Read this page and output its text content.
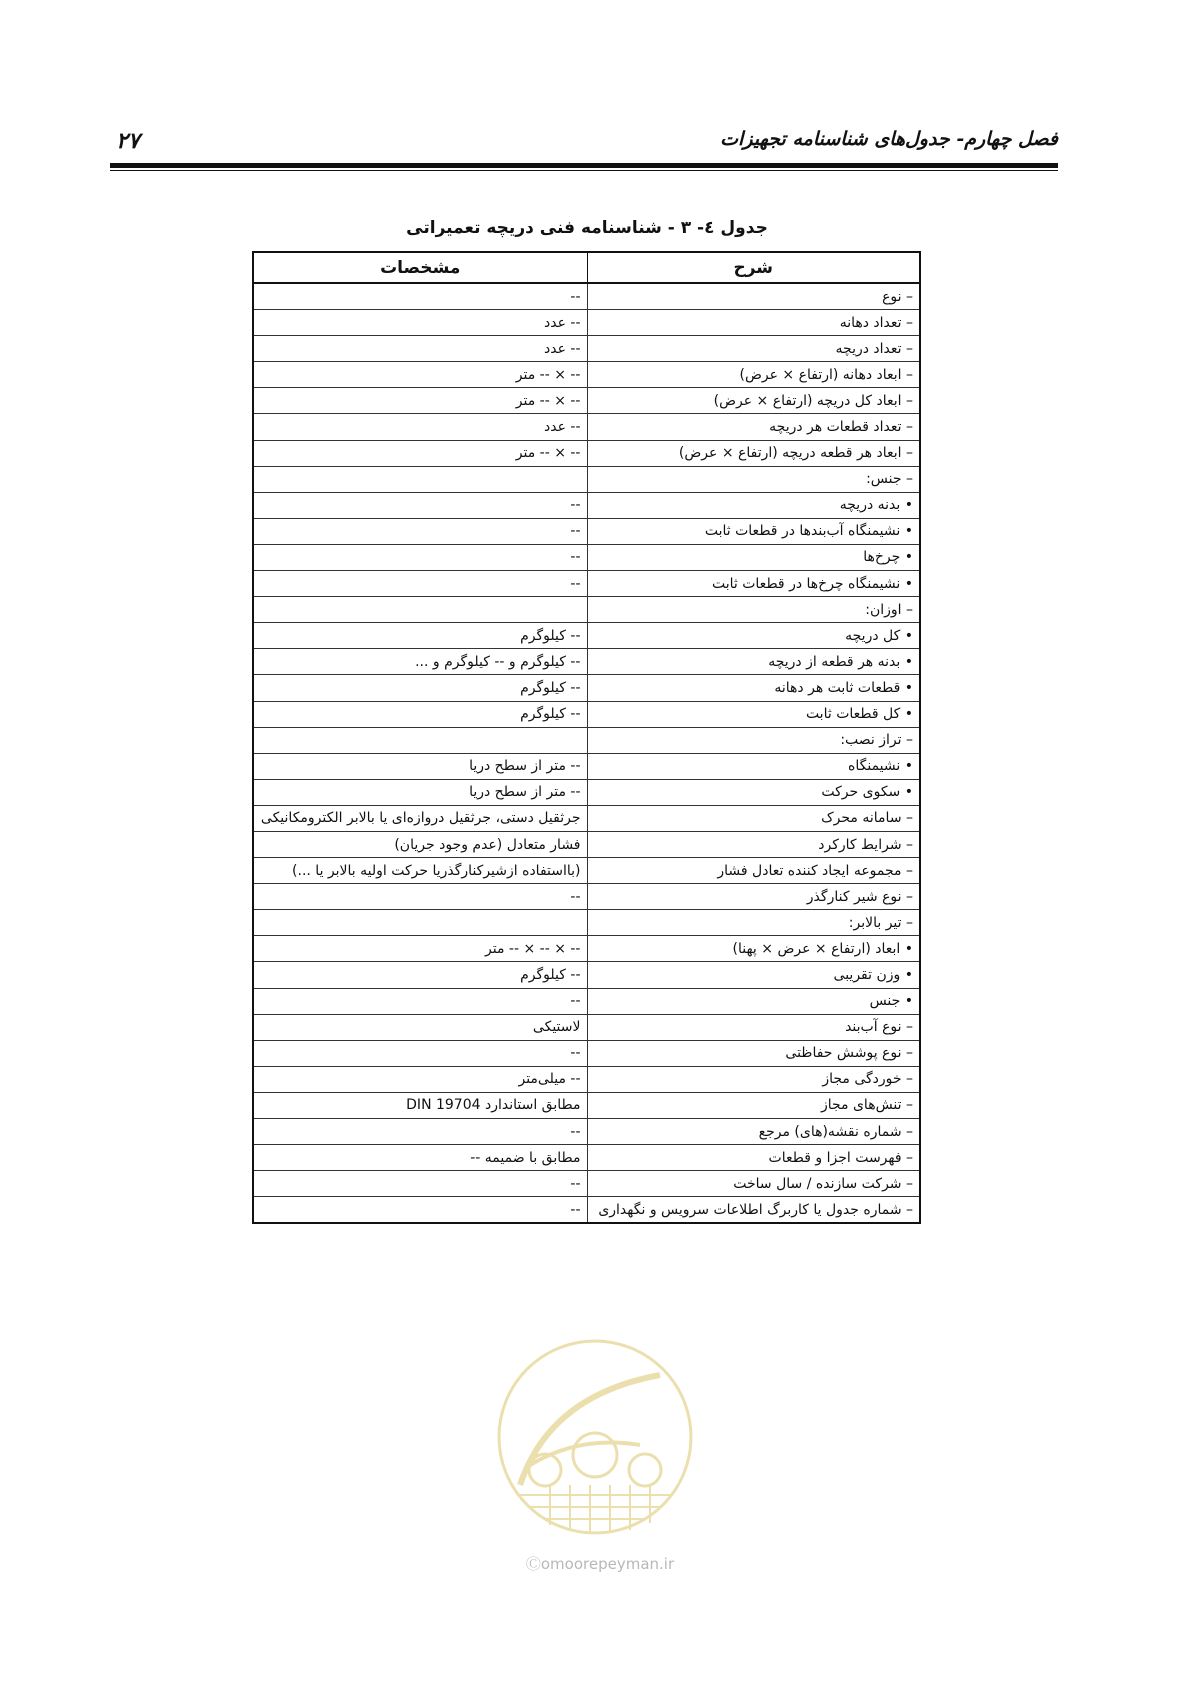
۲۷	فصل چهارم- جدول‌های شناسنامه تجهیزات
جدول ٤- ٣ - شناسنامه فنی دریچه تعمیراتی
شرح	مشخصات
– نوع	--
– تعداد دهانه	-- عدد
– تعداد دریچه	-- عدد
– ابعاد دهانه (ارتفاع × عرض)	-- × -- متر
– ابعاد کل دریچه (ارتفاع × عرض)	-- × -- متر
– تعداد قطعات هر دریچه	-- عدد
– ابعاد هر قطعه دریچه (ارتفاع × عرض)	-- × -- متر
– جنس:	
• بدنه دریچه	--
• نشیمنگاه آب‌بندها در قطعات ثابت	--
• چرخ‌ها	--
• نشیمنگاه چرخ‌ها در قطعات ثابت	--
– اوزان:	
• کل دریچه	-- کیلوگرم
• بدنه هر قطعه از دریچه	-- کیلوگرم و -- کیلوگرم و ...
• قطعات ثابت هر دهانه	-- کیلوگرم
• کل قطعات ثابت	-- کیلوگرم
– تراز نصب:	
• نشیمنگاه	-- متر از سطح دریا
• سکوی حرکت	-- متر از سطح دریا
– سامانه محرک	جرثقیل دستی، جرثقیل دروازه‌ای یا بالابر الکترومکانیکی
– شرایط کارکرد	فشار متعادل (عدم وجود جریان)
– مجموعه ایجاد کننده تعادل فشار	(بااستفاده ازشیرکنارگذریا حرکت اولیه بالابر یا ...)
– نوع شیر کنارگذر	--
– تیر بالابر:	
• ابعاد (ارتفاع × عرض × پهنا)	-- × -- × -- متر
• وزن تقریبی	-- کیلوگرم
• جنس	--
– نوع آب‌بند	لاستیکی
– نوع پوشش حفاظتی	--
– خوردگی مجاز	-- میلی‌متر
– تنش‌های مجاز	مطابق استاندارد DIN 19704
– شماره نقشه(های) مرجع	--
– فهرست اجزا و قطعات	مطابق با ضمیمه --
– شرکت سازنده / سال ساخت	--
– شماره جدول یا کاربرگ اطلاعات سرویس و نگهداری	--
Ⓒomoorepeyman.ir
